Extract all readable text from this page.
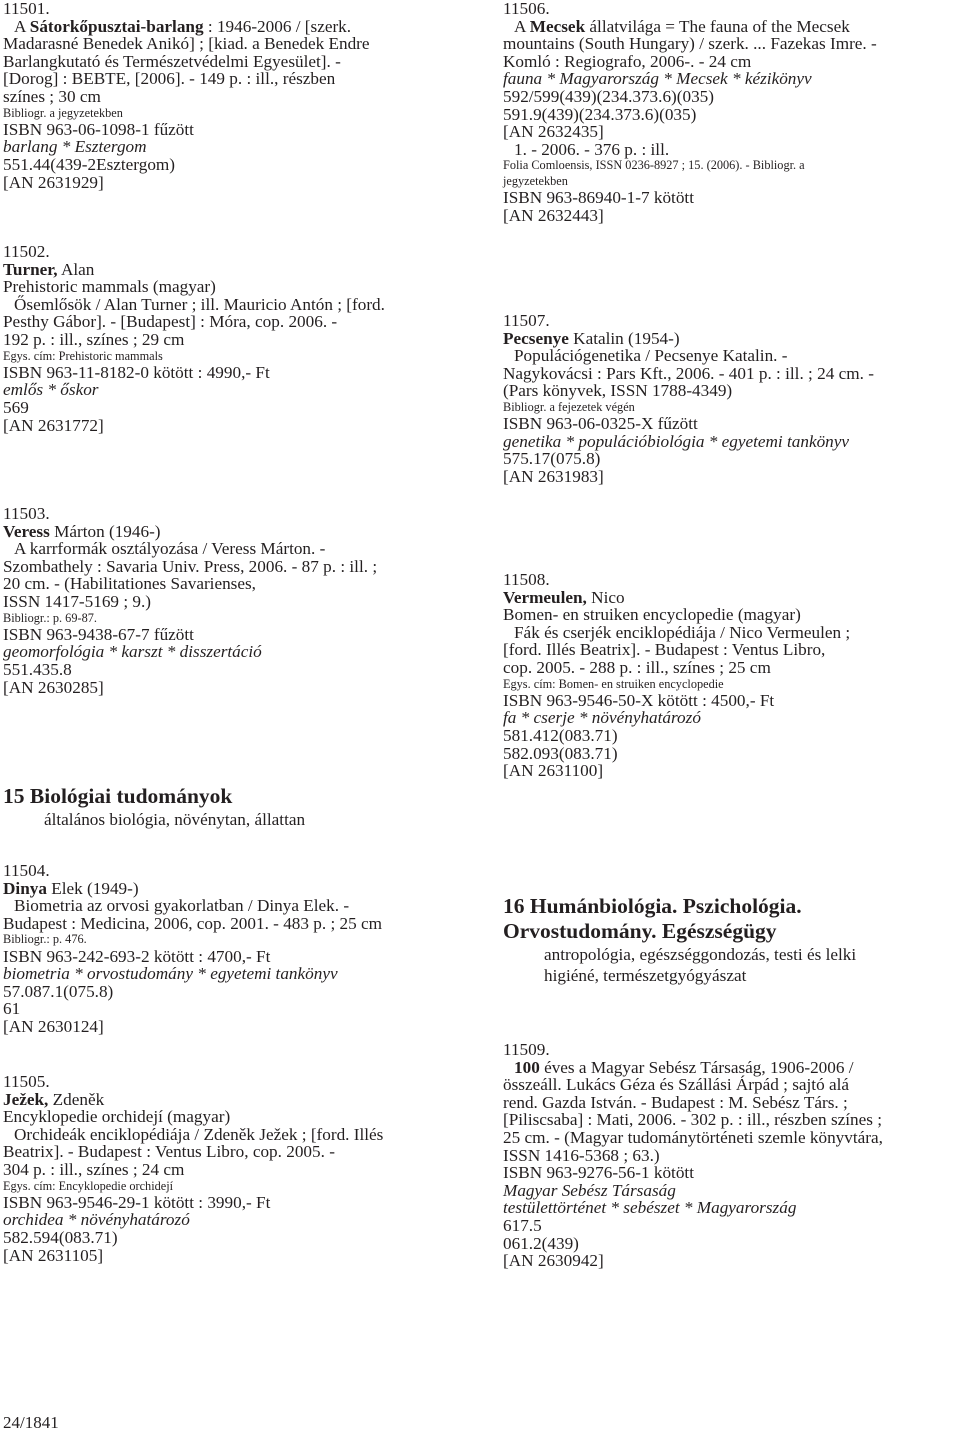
11501.
A Sátorkőpusztai-barlang : 1946-2006 / [szerk.
Madarasné Benedek Anikó] ; [kiad. a Benedek Endre
Barlangkutató és Természetvédelmi Egyesület]. -
[Dorog] : BEBTE, [2006]. - 149 p. : ill., részben
színes ; 30 cm
Bibliogr. a jegyzetekben
ISBN 963-06-1098-1 fűzött
barlang * Esztergom
551.44(439-2Esztergom)
[AN 2631929]
11502.
Turner, Alan
Prehistoric mammals (magyar)
Ősemlősök / Alan Turner ; ill. Mauricio Antón ; [ford.
Pesthy Gábor]. - [Budapest] : Móra, cop. 2006. -
192 p. : ill., színes ; 29 cm
Egys. cím: Prehistoric mammals
ISBN 963-11-8182-0 kötött : 4990,- Ft
emlős * őskor
569
[AN 2631772]
11503.
Veress Márton (1946-)
A karrformák osztályozása / Veress Márton. -
Szombathely : Savaria Univ. Press, 2006. - 87 p. : ill. ;
20 cm. - (Habilitationes Savarienses,
ISSN 1417-5169 ; 9.)
Bibliogr.: p. 69-87.
ISBN 963-9438-67-7 fűzött
geomorfológia * karszt * disszertáció
551.435.8
[AN 2630285]
15 Biológiai tudományok
általános biológia, növénytan, állattan
11504.
Dinya Elek (1949-)
Biometria az orvosi gyakorlatban / Dinya Elek. -
Budapest : Medicina, 2006, cop. 2001. - 483 p. ; 25 cm
Bibliogr.: p. 476.
ISBN 963-242-693-2 kötött : 4700,- Ft
biometria * orvostudomány * egyetemi tankönyv
57.087.1(075.8)
61
[AN 2630124]
11505.
Ježek, Zdeněk
Encyklopedie orchidejí (magyar)
Orchideák enciklopédiája / Zdeněk Ježek ; [ford. Illés
Beatrix]. - Budapest : Ventus Libro, cop. 2005. -
304 p. : ill., színes ; 24 cm
Egys. cím: Encyklopedie orchidejí
ISBN 963-9546-29-1 kötött : 3990,- Ft
orchidea * növényhatározó
582.594(083.71)
[AN 2631105]
11506.
A Mecsek állatvilága = The fauna of the Mecsek
mountains (South Hungary) / szerk. ... Fazekas Imre. -
Komló : Regiografo, 2006-. - 24 cm
fauna * Magyarország * Mecsek * kézikönyv
592/599(439)(234.373.6)(035)
591.9(439)(234.373.6)(035)
[AN 2632435]
1. - 2006. - 376 p. : ill.
Folia Comloensis, ISSN 0236-8927 ; 15. (2006). - Bibliogr. a
jegyzetekben
ISBN 963-86940-1-7 kötött
[AN 2632443]
11507.
Pecsenye Katalin (1954-)
Populációgenetika / Pecsenye Katalin. -
Nagykovácsi : Pars Kft., 2006. - 401 p. : ill. ; 24 cm. -
(Pars könyvek, ISSN 1788-4349)
Bibliogr. a fejezetek végén
ISBN 963-06-0325-X fűzött
genetika * populációbiológia * egyetemi tankönyv
575.17(075.8)
[AN 2631983]
11508.
Vermeulen, Nico
Bomen- en struiken encyclopedie (magyar)
Fák és cserjék enciklopédiája / Nico Vermeulen ;
[ford. Illés Beatrix]. - Budapest : Ventus Libro,
cop. 2005. - 288 p. : ill., színes ; 25 cm
Egys. cím: Bomen- en struiken encyclopedie
ISBN 963-9546-50-X kötött : 4500,- Ft
fa * cserje * növényhatározó
581.412(083.71)
582.093(083.71)
[AN 2631100]
16 Humánbiológia. Pszichológia.
Orvostudomány. Egészségügy
antropológia, egészséggondozás, testi és lelki
higiéné, természetgyógyászat
11509.
100 éves a Magyar Sebész Társaság, 1906-2006 /
összeáll. Lukács Géza és Szállási Árpád ; sajtó alá
rend. Gazda István. - Budapest : M. Sebész Társ. ;
[Piliscsaba] : Mati, 2006. - 302 p. : ill., részben színes ;
25 cm. - (Magyar tudománytörténeti szemle könyvtára,
ISSN 1416-5368 ; 63.)
ISBN 963-9276-56-1 kötött
Magyar Sebész Társaság
testülettörténet * sebészet * Magyarország
617.5
061.2(439)
[AN 2630942]
24/1841
